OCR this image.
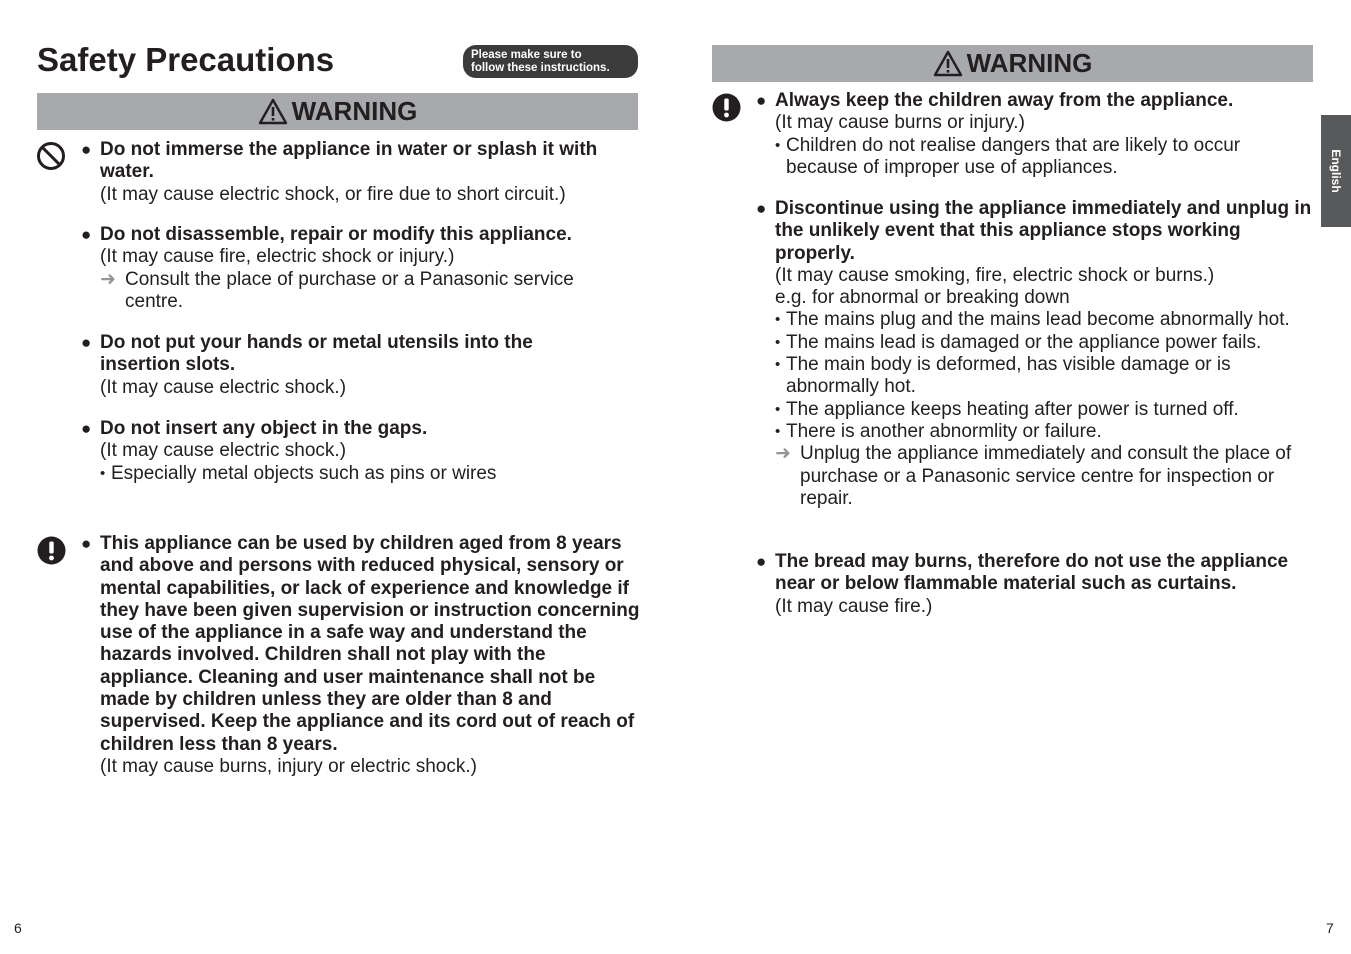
Safety Precautions	Please make sure to
follow these instructions.
WARNING
● Do not immerse the appliance in water or splash it with water.
(It may cause electric shock, or fire due to short circuit.)
● Do not disassemble, repair or modify this appliance.
(It may cause fire, electric shock or injury.)
➜ Consult the place of purchase or a Panasonic service centre.
● Do not put your hands or metal utensils into the insertion slots.
(It may cause electric shock.)
● Do not insert any object in the gaps.
(It may cause electric shock.)
• Especially metal objects such as pins or wires
● This appliance can be used by children aged from 8 years and above and persons with reduced physical, sensory or mental capabilities, or lack of experience and knowledge if they have been given supervision or instruction concerning use of the appliance in a safe way and understand the hazards involved. Children shall not play with the appliance. Cleaning and user maintenance shall not be made by children unless they are older than 8 and supervised. Keep the appliance and its cord out of reach of children less than 8 years.
(It may cause burns, injury or electric shock.)
WARNING
● Always keep the children away from the appliance.
(It may cause burns or injury.)
• Children do not realise dangers that are likely to occur because of improper use of appliances.
● Discontinue using the appliance immediately and unplug in the unlikely event that this appliance stops working properly.
(It may cause smoking, fire, electric shock or burns.)
e.g. for abnormal or breaking down
• The mains plug and the mains lead become abnormally hot.
• The mains lead is damaged or the appliance power fails.
• The main body is deformed, has visible damage or is abnormally hot.
• The appliance keeps heating after power is turned off.
• There is another abnormlity or failure.
➜ Unplug the appliance immediately and consult the place of purchase or a Panasonic service centre for inspection or repair.
● The bread may burns, therefore do not use the appliance near or below flammable material such as curtains.
(It may cause fire.)
English
6	7
